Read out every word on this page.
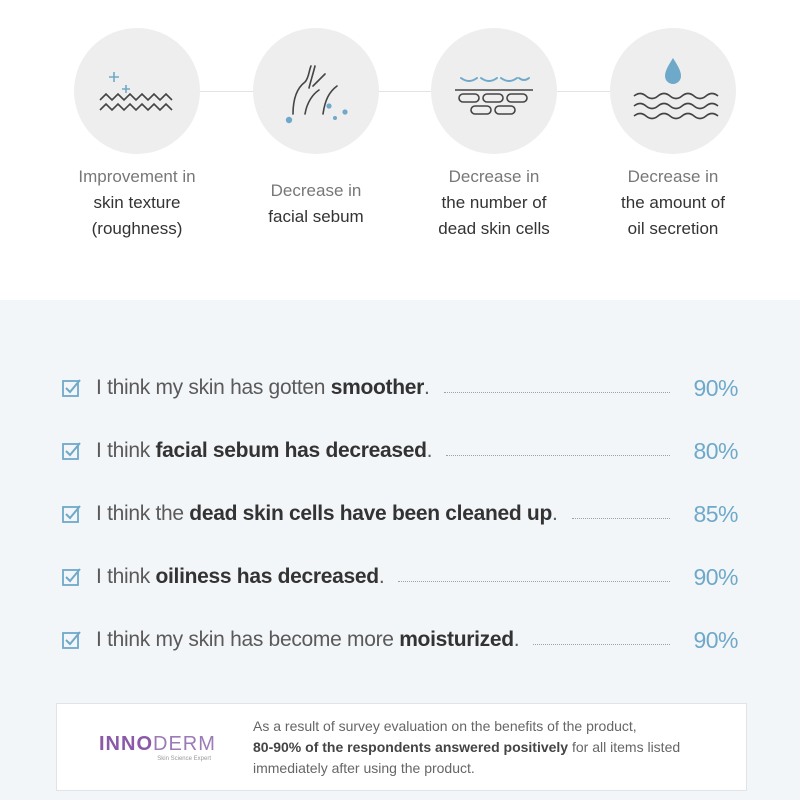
Improvement in
skin texture
(roughness)
Decrease in
facial sebum
Decrease in
the number of
dead skin cells
Decrease in
the amount of
oil secretion
I think my skin has gotten smoother.	90%
I think facial sebum has decreased.	80%
I think the dead skin cells have been cleaned up.	85%
I think oiliness has decreased.	90%
I think my skin has become more moisturized.	90%
INNODERM
Skin Science Expert
As a result of survey evaluation on the benefits of the product,
80-90% of the respondents answered positively for all items listed
immediately after using the product.
